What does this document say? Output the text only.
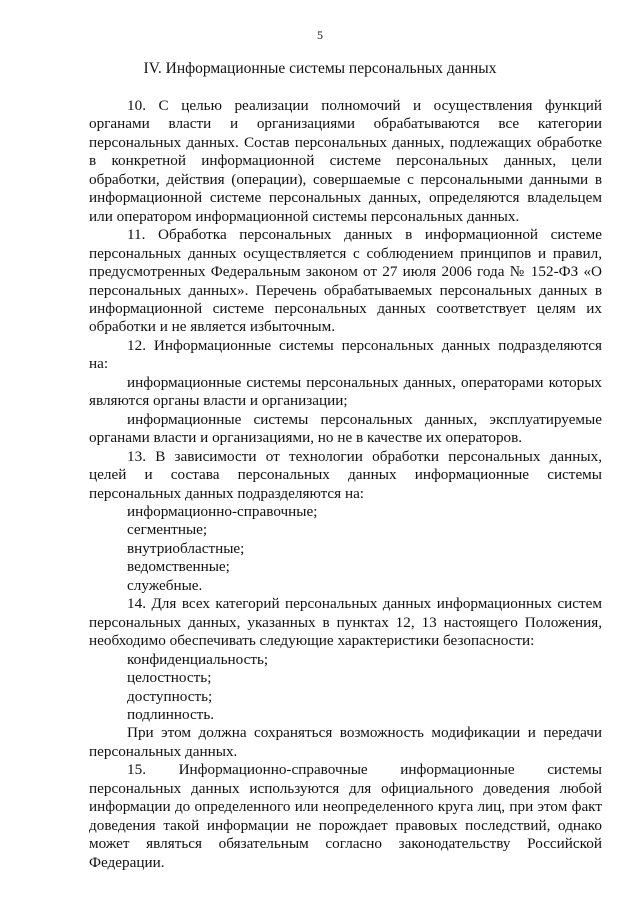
5
IV. Информационные системы персональных данных

10. С целью реализации полномочий и осуществления функций органами власти и организациями обрабатываются все категории персональных данных. Состав персональных данных, подлежащих обработке в конкретной информационной системе персональных данных, цели обработки, действия (операции), совершаемые с персональными данными в информационной системе персональных данных, определяются владельцем или оператором информационной системы персональных данных.

11. Обработка персональных данных в информационной системе персональных данных осуществляется с соблюдением принципов и правил, предусмотренных Федеральным законом от 27 июля 2006 года № 152-ФЗ «О персональных данных». Перечень обрабатываемых персональных данных в информационной системе персональных данных соответствует целям их обработки и не является избыточным.

12. Информационные системы персональных данных подразделяются на:

информационные системы персональных данных, операторами которых являются органы власти и организации;

информационные системы персональных данных, эксплуатируемые органами власти и организациями, но не в качестве их операторов.

13. В зависимости от технологии обработки персональных данных, целей и состава персональных данных информационные системы персональных данных подразделяются на:

информационно-справочные;

сегментные;

внутриобластные;

ведомственные;

служебные.

14. Для всех категорий персональных данных информационных систем персональных данных, указанных в пунктах 12, 13 настоящего Положения, необходимо обеспечивать следующие характеристики безопасности:

конфиденциальность;

целостность;

доступность;

подлинность.

При этом должна сохраняться возможность модификации и передачи персональных данных.

15. Информационно-справочные информационные системы персональных данных используются для официального доведения любой информации до определенного или неопределенного круга лиц, при этом факт доведения такой информации не порождает правовых последствий, однако может являться обязательным согласно законодательству Российской Федерации.
